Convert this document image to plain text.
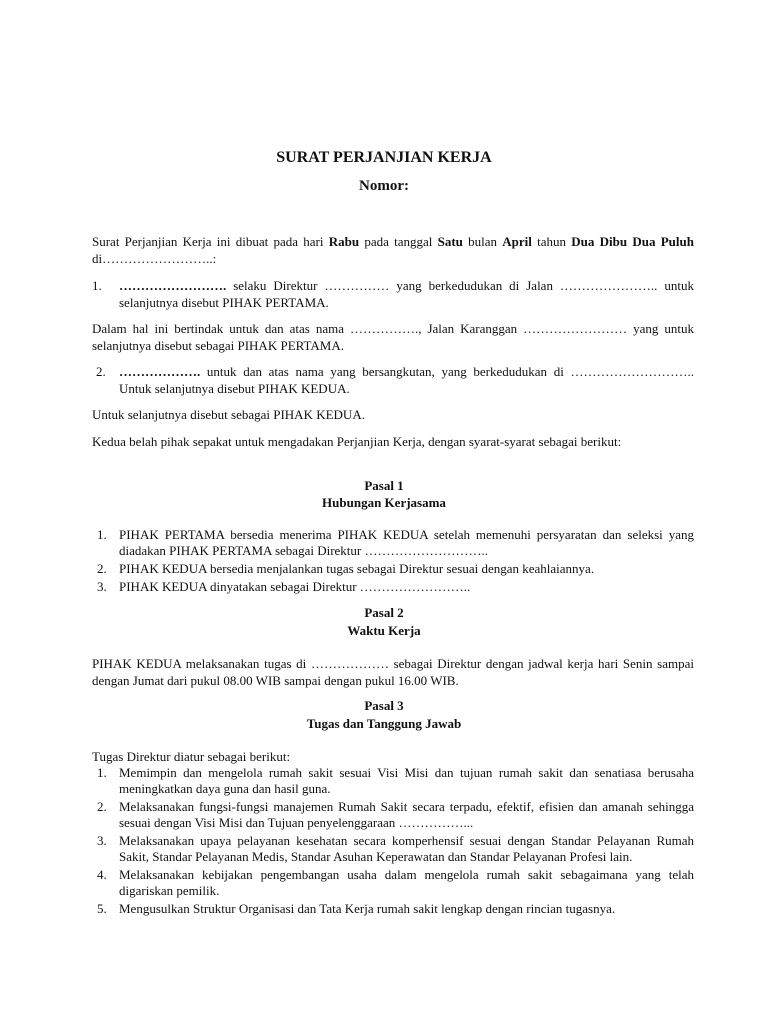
SURAT PERJANJIAN KERJA
Nomor:
Surat Perjanjian Kerja ini dibuat pada hari Rabu pada tanggal Satu bulan April tahun Dua Dibu Dua Puluh di……………………..:
1. ……………………. selaku Direktur …………… yang berkedudukan di Jalan ………………….. untuk selanjutnya disebut PIHAK PERTAMA.
Dalam hal ini bertindak untuk dan atas nama ……………., Jalan Karanggan …………………… yang untuk selanjutnya disebut sebagai PIHAK PERTAMA.
2. ………………. untuk dan atas nama yang bersangkutan, yang berkedudukan di ……………………….. Untuk selanjutnya disebut PIHAK KEDUA.
Untuk selanjutnya disebut sebagai PIHAK KEDUA.
Kedua belah pihak sepakat untuk mengadakan Perjanjian Kerja, dengan syarat-syarat sebagai berikut:
Pasal 1
Hubungan Kerjasama
1. PIHAK PERTAMA bersedia menerima PIHAK KEDUA setelah memenuhi persyaratan dan seleksi yang diadakan PIHAK PERTAMA sebagai Direktur ………………………..
2. PIHAK KEDUA bersedia menjalankan tugas sebagai Direktur sesuai dengan keahlaiannya.
3. PIHAK KEDUA dinyatakan sebagai Direktur ……………………..
Pasal 2
Waktu Kerja
PIHAK KEDUA melaksanakan tugas di ……………… sebagai Direktur dengan jadwal kerja hari Senin sampai dengan Jumat dari pukul 08.00 WIB sampai dengan pukul 16.00 WIB.
Pasal 3
Tugas dan Tanggung Jawab
Tugas Direktur diatur sebagai berikut:
1. Memimpin dan mengelola rumah sakit sesuai Visi Misi dan tujuan rumah sakit dan senatiasa berusaha meningkatkan daya guna dan hasil guna.
2. Melaksanakan fungsi-fungsi manajemen Rumah Sakit secara terpadu, efektif, efisien dan amanah sehingga sesuai dengan Visi Misi dan Tujuan penyelenggaraan ……………...
3. Melaksanakan upaya pelayanan kesehatan secara komperhensif sesuai dengan Standar Pelayanan Rumah Sakit, Standar Pelayanan Medis, Standar Asuhan Keperawatan dan Standar Pelayanan Profesi lain.
4. Melaksanakan kebijakan pengembangan usaha dalam mengelola rumah sakit sebagaimana yang telah digariskan pemilik.
5. Mengusulkan Struktur Organisasi dan Tata Kerja rumah sakit lengkap dengan rincian tugasnya.
